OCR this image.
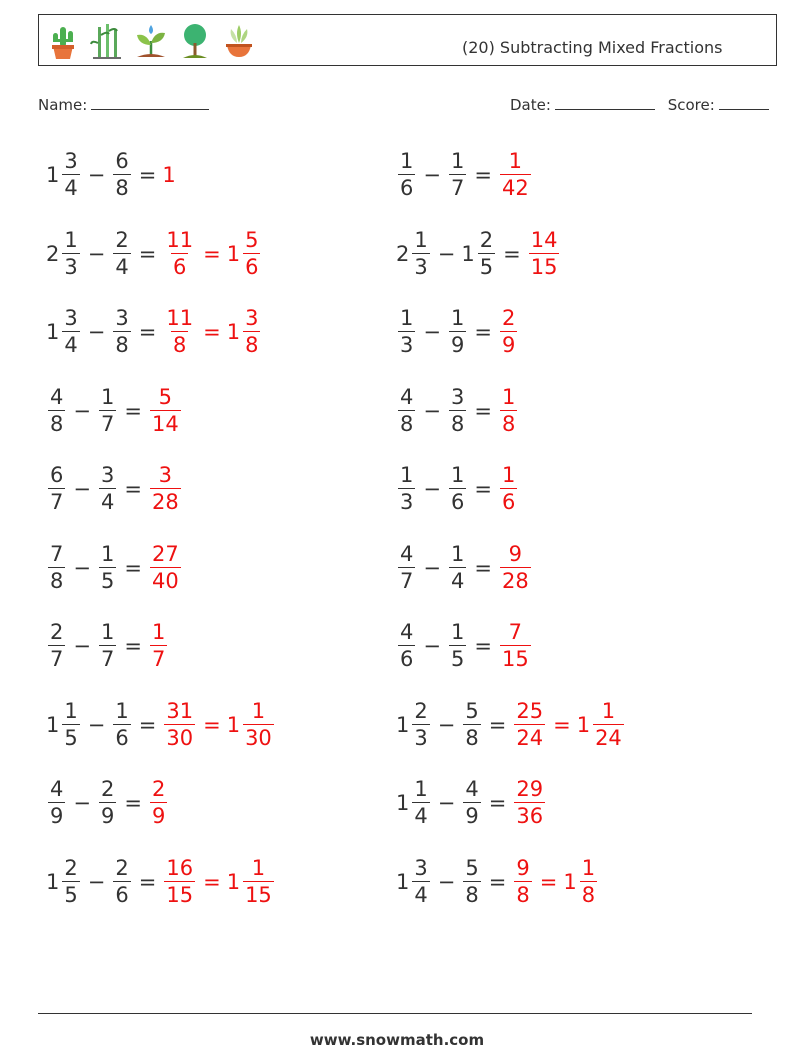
(20) Subtracting Mixed Fractions
Name:	Date:	Score:
$1 \frac{3}{4} - \frac{6}{8} = 1$	$\frac{1}{6} - \frac{1}{7} = \frac{1}{42}$
$2 \frac{1}{3} - \frac{2}{4} = \frac{11}{6} = 1 \frac{5}{6}$	$2 \frac{1}{3} - 1 \frac{2}{5} = \frac{14}{15}$
$1 \frac{3}{4} - \frac{3}{8} = \frac{11}{8} = 1 \frac{3}{8}$	$\frac{1}{3} - \frac{1}{9} = \frac{2}{9}$
$\frac{4}{8} - \frac{1}{7} = \frac{5}{14}$	$\frac{4}{8} - \frac{3}{8} = \frac{1}{8}$
$\frac{6}{7} - \frac{3}{4} = \frac{3}{28}$	$\frac{1}{3} - \frac{1}{6} = \frac{1}{6}$
$\frac{7}{8} - \frac{1}{5} = \frac{27}{40}$	$\frac{4}{7} - \frac{1}{4} = \frac{9}{28}$
$\frac{2}{7} - \frac{1}{7} = \frac{1}{7}$	$\frac{4}{6} - \frac{1}{5} = \frac{7}{15}$
$1 \frac{1}{5} - \frac{1}{6} = \frac{31}{30} = 1 \frac{1}{30}$	$1 \frac{2}{3} - \frac{5}{8} = \frac{25}{24} = 1 \frac{1}{24}$
$\frac{4}{9} - \frac{2}{9} = \frac{2}{9}$	$1 \frac{1}{4} - \frac{4}{9} = \frac{29}{36}$
$1 \frac{2}{5} - \frac{2}{6} = \frac{16}{15} = 1 \frac{1}{15}$	$1 \frac{3}{4} - \frac{5}{8} = \frac{9}{8} = 1 \frac{1}{8}$
www.snowmath.com
